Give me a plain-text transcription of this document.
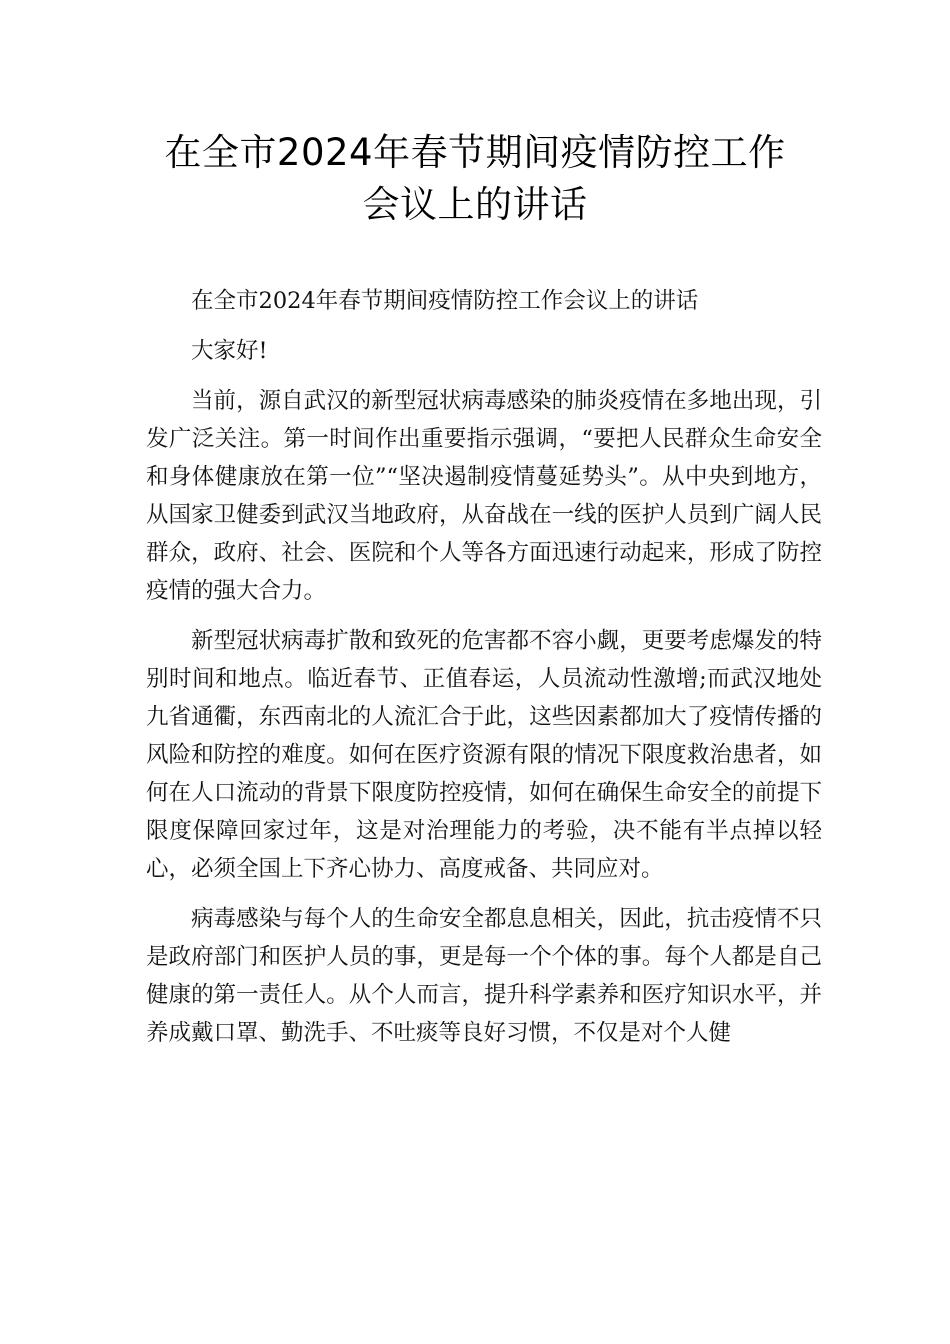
在全市2024年春节期间疫情防控工作
会议上的讲话

在全市2024年春节期间疫情防控工作会议上的讲话

大家好!

当前，源自武汉的新型冠状病毒感染的肺炎疫情在多地出现，引发广泛关注。第一时间作出重要指示强调，“要把人民群众生命安全和身体健康放在第一位”“坚决遏制疫情蔓延势头”。从中央到地方，从国家卫健委到武汉当地政府，从奋战在一线的医护人员到广阔人民群众，政府、社会、医院和个人等各方面迅速行动起来，形成了防控疫情的强大合力。

新型冠状病毒扩散和致死的危害都不容小觑，更要考虑爆发的特别时间和地点。临近春节、正值春运，人员流动性激增;而武汉地处九省通衢，东西南北的人流汇合于此，这些因素都加大了疫情传播的风险和防控的难度。如何在医疗资源有限的情况下限度救治患者，如何在人口流动的背景下限度防控疫情，如何在确保生命安全的前提下限度保障回家过年，这是对治理能力的考验，决不能有半点掉以轻心，必须全国上下齐心协力、高度戒备、共同应对。

病毒感染与每个人的生命安全都息息相关，因此，抗击疫情不只是政府部门和医护人员的事，更是每一个个体的事。每个人都是自己健康的第一责任人。从个人而言，提升科学素养和医疗知识水平，并养成戴口罩、勤洗手、不吐痰等良好习惯，不仅是对个人健
